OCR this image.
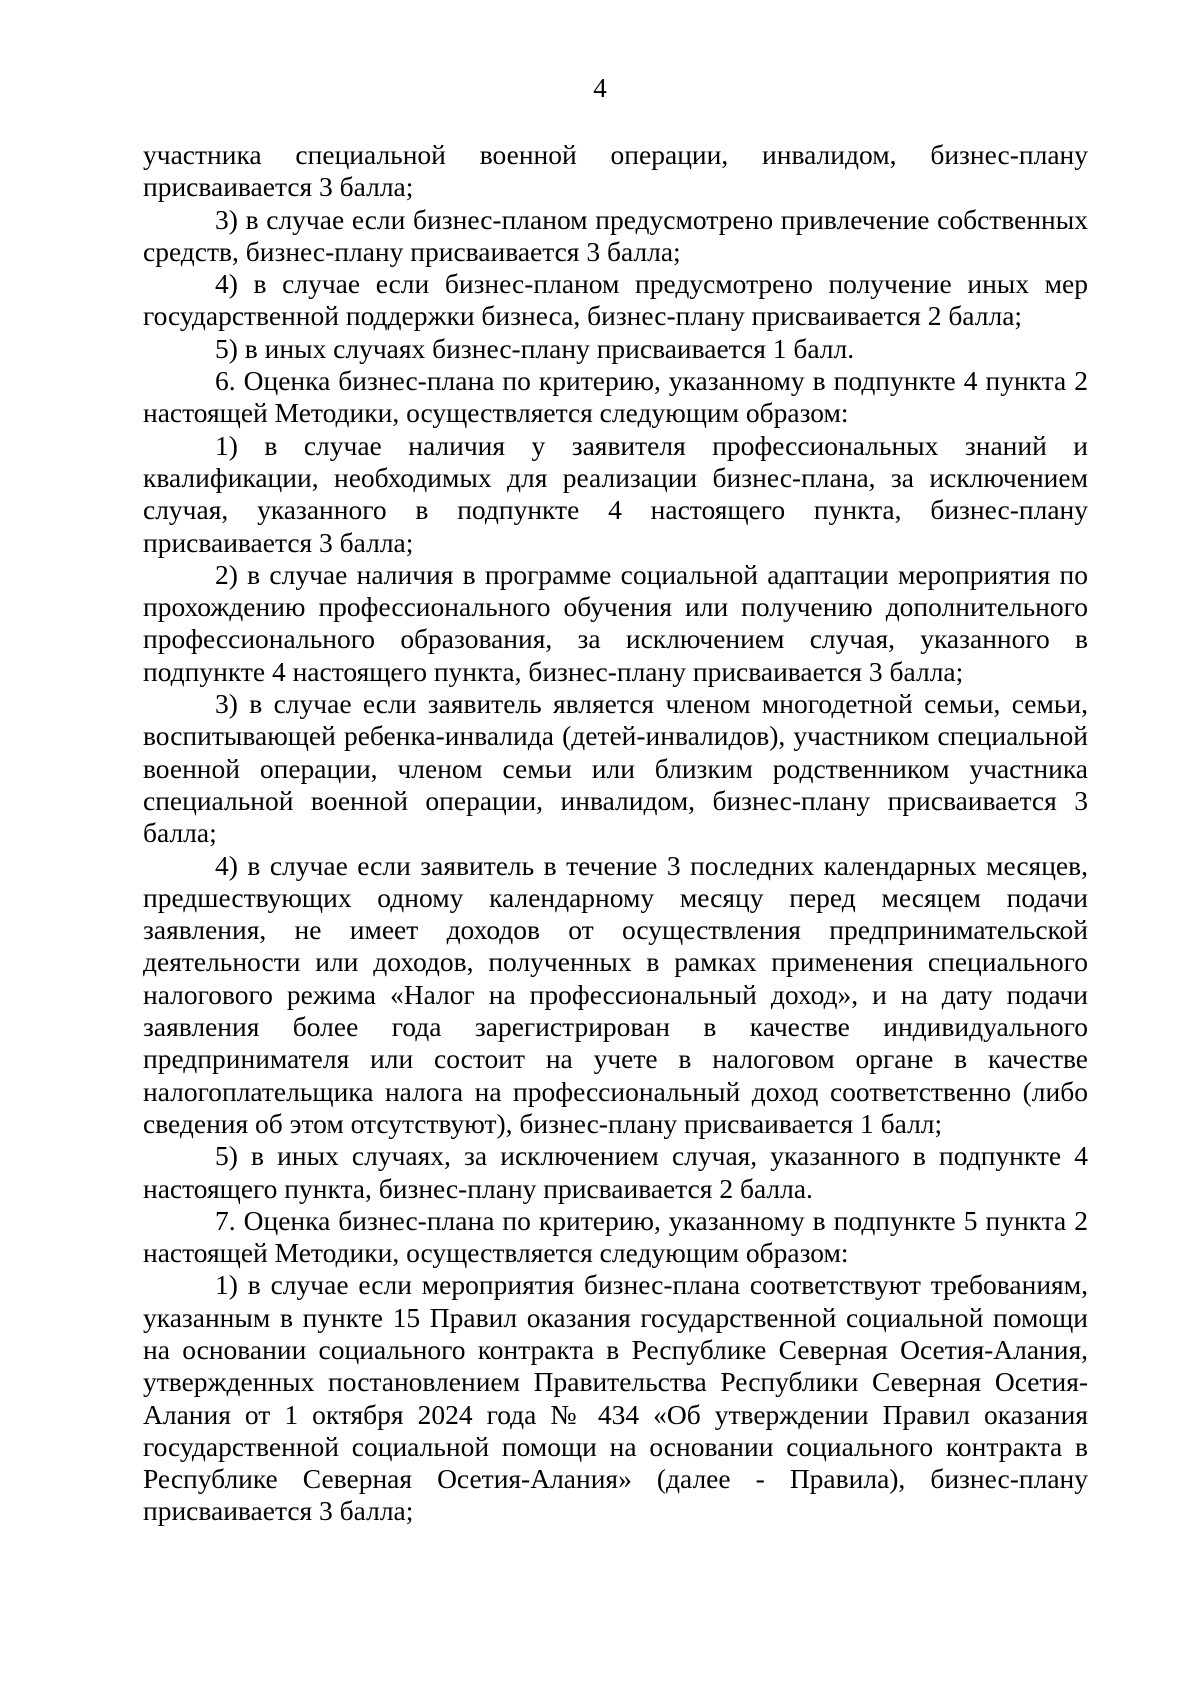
4

участника специальной военной операции, инвалидом, бизнес-плану присваивается 3 балла;

3) в случае если бизнес-планом предусмотрено привлечение собственных средств, бизнес-плану присваивается 3 балла;

4) в случае если бизнес-планом предусмотрено получение иных мер государственной поддержки бизнеса, бизнес-плану присваивается 2 балла;

5) в иных случаях бизнес-плану присваивается 1 балл.

6. Оценка бизнес-плана по критерию, указанному в подпункте 4 пункта 2 настоящей Методики, осуществляется следующим образом:

1) в случае наличия у заявителя профессиональных знаний и квалификации, необходимых для реализации бизнес-плана, за исключением случая, указанного в подпункте 4 настоящего пункта, бизнес-плану присваивается 3 балла;

2) в случае наличия в программе социальной адаптации мероприятия по прохождению профессионального обучения или получению дополнительного профессионального образования, за исключением случая, указанного в подпункте 4 настоящего пункта, бизнес-плану присваивается 3 балла;

3) в случае если заявитель является членом многодетной семьи, семьи, воспитывающей ребенка-инвалида (детей-инвалидов), участником специальной военной операции, членом семьи или близким родственником участника специальной военной операции, инвалидом, бизнес-плану присваивается 3 балла;

4) в случае если заявитель в течение 3 последних календарных месяцев, предшествующих одному календарному месяцу перед месяцем подачи заявления, не имеет доходов от осуществления предпринимательской деятельности или доходов, полученных в рамках применения специального налогового режима «Налог на профессиональный доход», и на дату подачи заявления более года зарегистрирован в качестве индивидуального предпринимателя или состоит на учете в налоговом органе в качестве налогоплательщика налога на профессиональный доход соответственно (либо сведения об этом отсутствуют), бизнес-плану присваивается 1 балл;

5) в иных случаях, за исключением случая, указанного в подпункте 4 настоящего пункта, бизнес-плану присваивается 2 балла.

7. Оценка бизнес-плана по критерию, указанному в подпункте 5 пункта 2 настоящей Методики, осуществляется следующим образом:

1) в случае если мероприятия бизнес-плана соответствуют требованиям, указанным в пункте 15 Правил оказания государственной социальной помощи на основании социального контракта в Республике Северная Осетия-Алания, утвержденных постановлением Правительства Республики Северная Осетия-Алания от 1 октября 2024 года № 434 «Об утверждении Правил оказания государственной социальной помощи на основании социального контракта в Республике Северная Осетия-Алания» (далее - Правила), бизнес-плану присваивается 3 балла;
